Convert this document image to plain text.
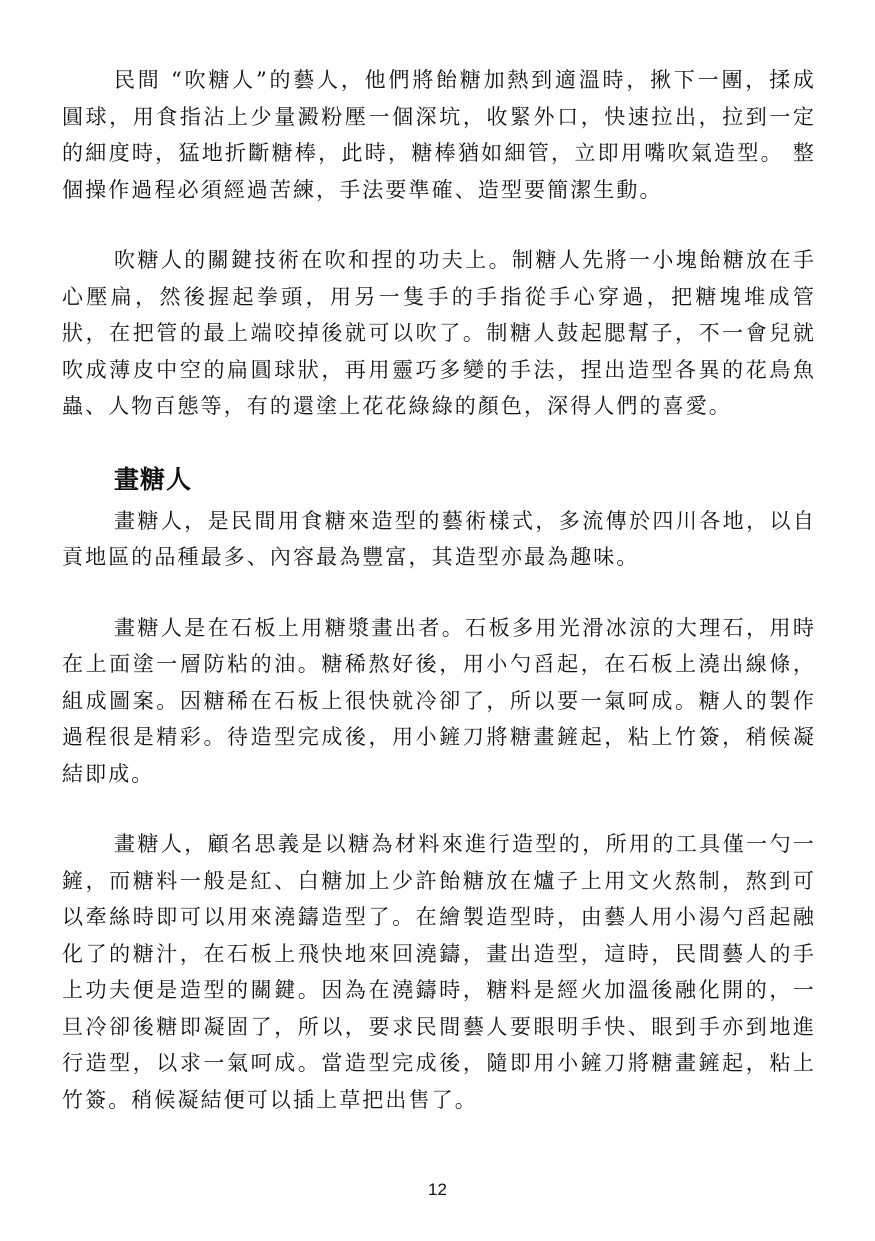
民間 “吹糖人”的藝人，他們將飴糖加熱到適溫時，揪下一團，揉成圓球，用食指沾上少量澱粉壓一個深坑，收緊外口，快速拉出，拉到一定的細度時，猛地折斷糖棒，此時，糖棒猶如細管，立即用嘴吹氣造型。 整個操作過程必須經過苦練，手法要準確、造型要簡潔生動。

吹糖人的關鍵技術在吹和捏的功夫上。制糖人先將一小塊飴糖放在手心壓扁，然後握起拳頭，用另一隻手的手指從手心穿過，把糖塊堆成管狀，在把管的最上端咬掉後就可以吹了。制糖人鼓起腮幫子，不一會兒就吹成薄皮中空的扁圓球狀，再用靈巧多變的手法，捏出造型各異的花鳥魚蟲、人物百態等，有的還塗上花花綠綠的顏色，深得人們的喜愛。

畫糖人

畫糖人，是民間用食糖來造型的藝術樣式，多流傳於四川各地，以自貢地區的品種最多、內容最為豐富，其造型亦最為趣味。

畫糖人是在石板上用糖漿畫出者。石板多用光滑冰涼的大理石，用時在上面塗一層防粘的油。糖稀熬好後，用小勺舀起，在石板上澆出線條，組成圖案。因糖稀在石板上很快就冷卻了，所以要一氣呵成。糖人的製作過程很是精彩。待造型完成後，用小鏟刀將糖畫鏟起，粘上竹簽，稍候凝結即成。

畫糖人，顧名思義是以糖為材料來進行造型的，所用的工具僅一勺一鏟，而糖料一般是紅、白糖加上少許飴糖放在爐子上用文火熬制，熬到可以牽絲時即可以用來澆鑄造型了。在繪製造型時，由藝人用小湯勺舀起融化了的糖汁，在石板上飛快地來回澆鑄，畫出造型，這時，民間藝人的手上功夫便是造型的關鍵。因為在澆鑄時，糖料是經火加溫後融化開的，一旦冷卻後糖即凝固了，所以，要求民間藝人要眼明手快、眼到手亦到地進行造型，以求一氣呵成。當造型完成後，隨即用小鏟刀將糖畫鏟起，粘上竹簽。稍候凝結便可以插上草把出售了。

12
